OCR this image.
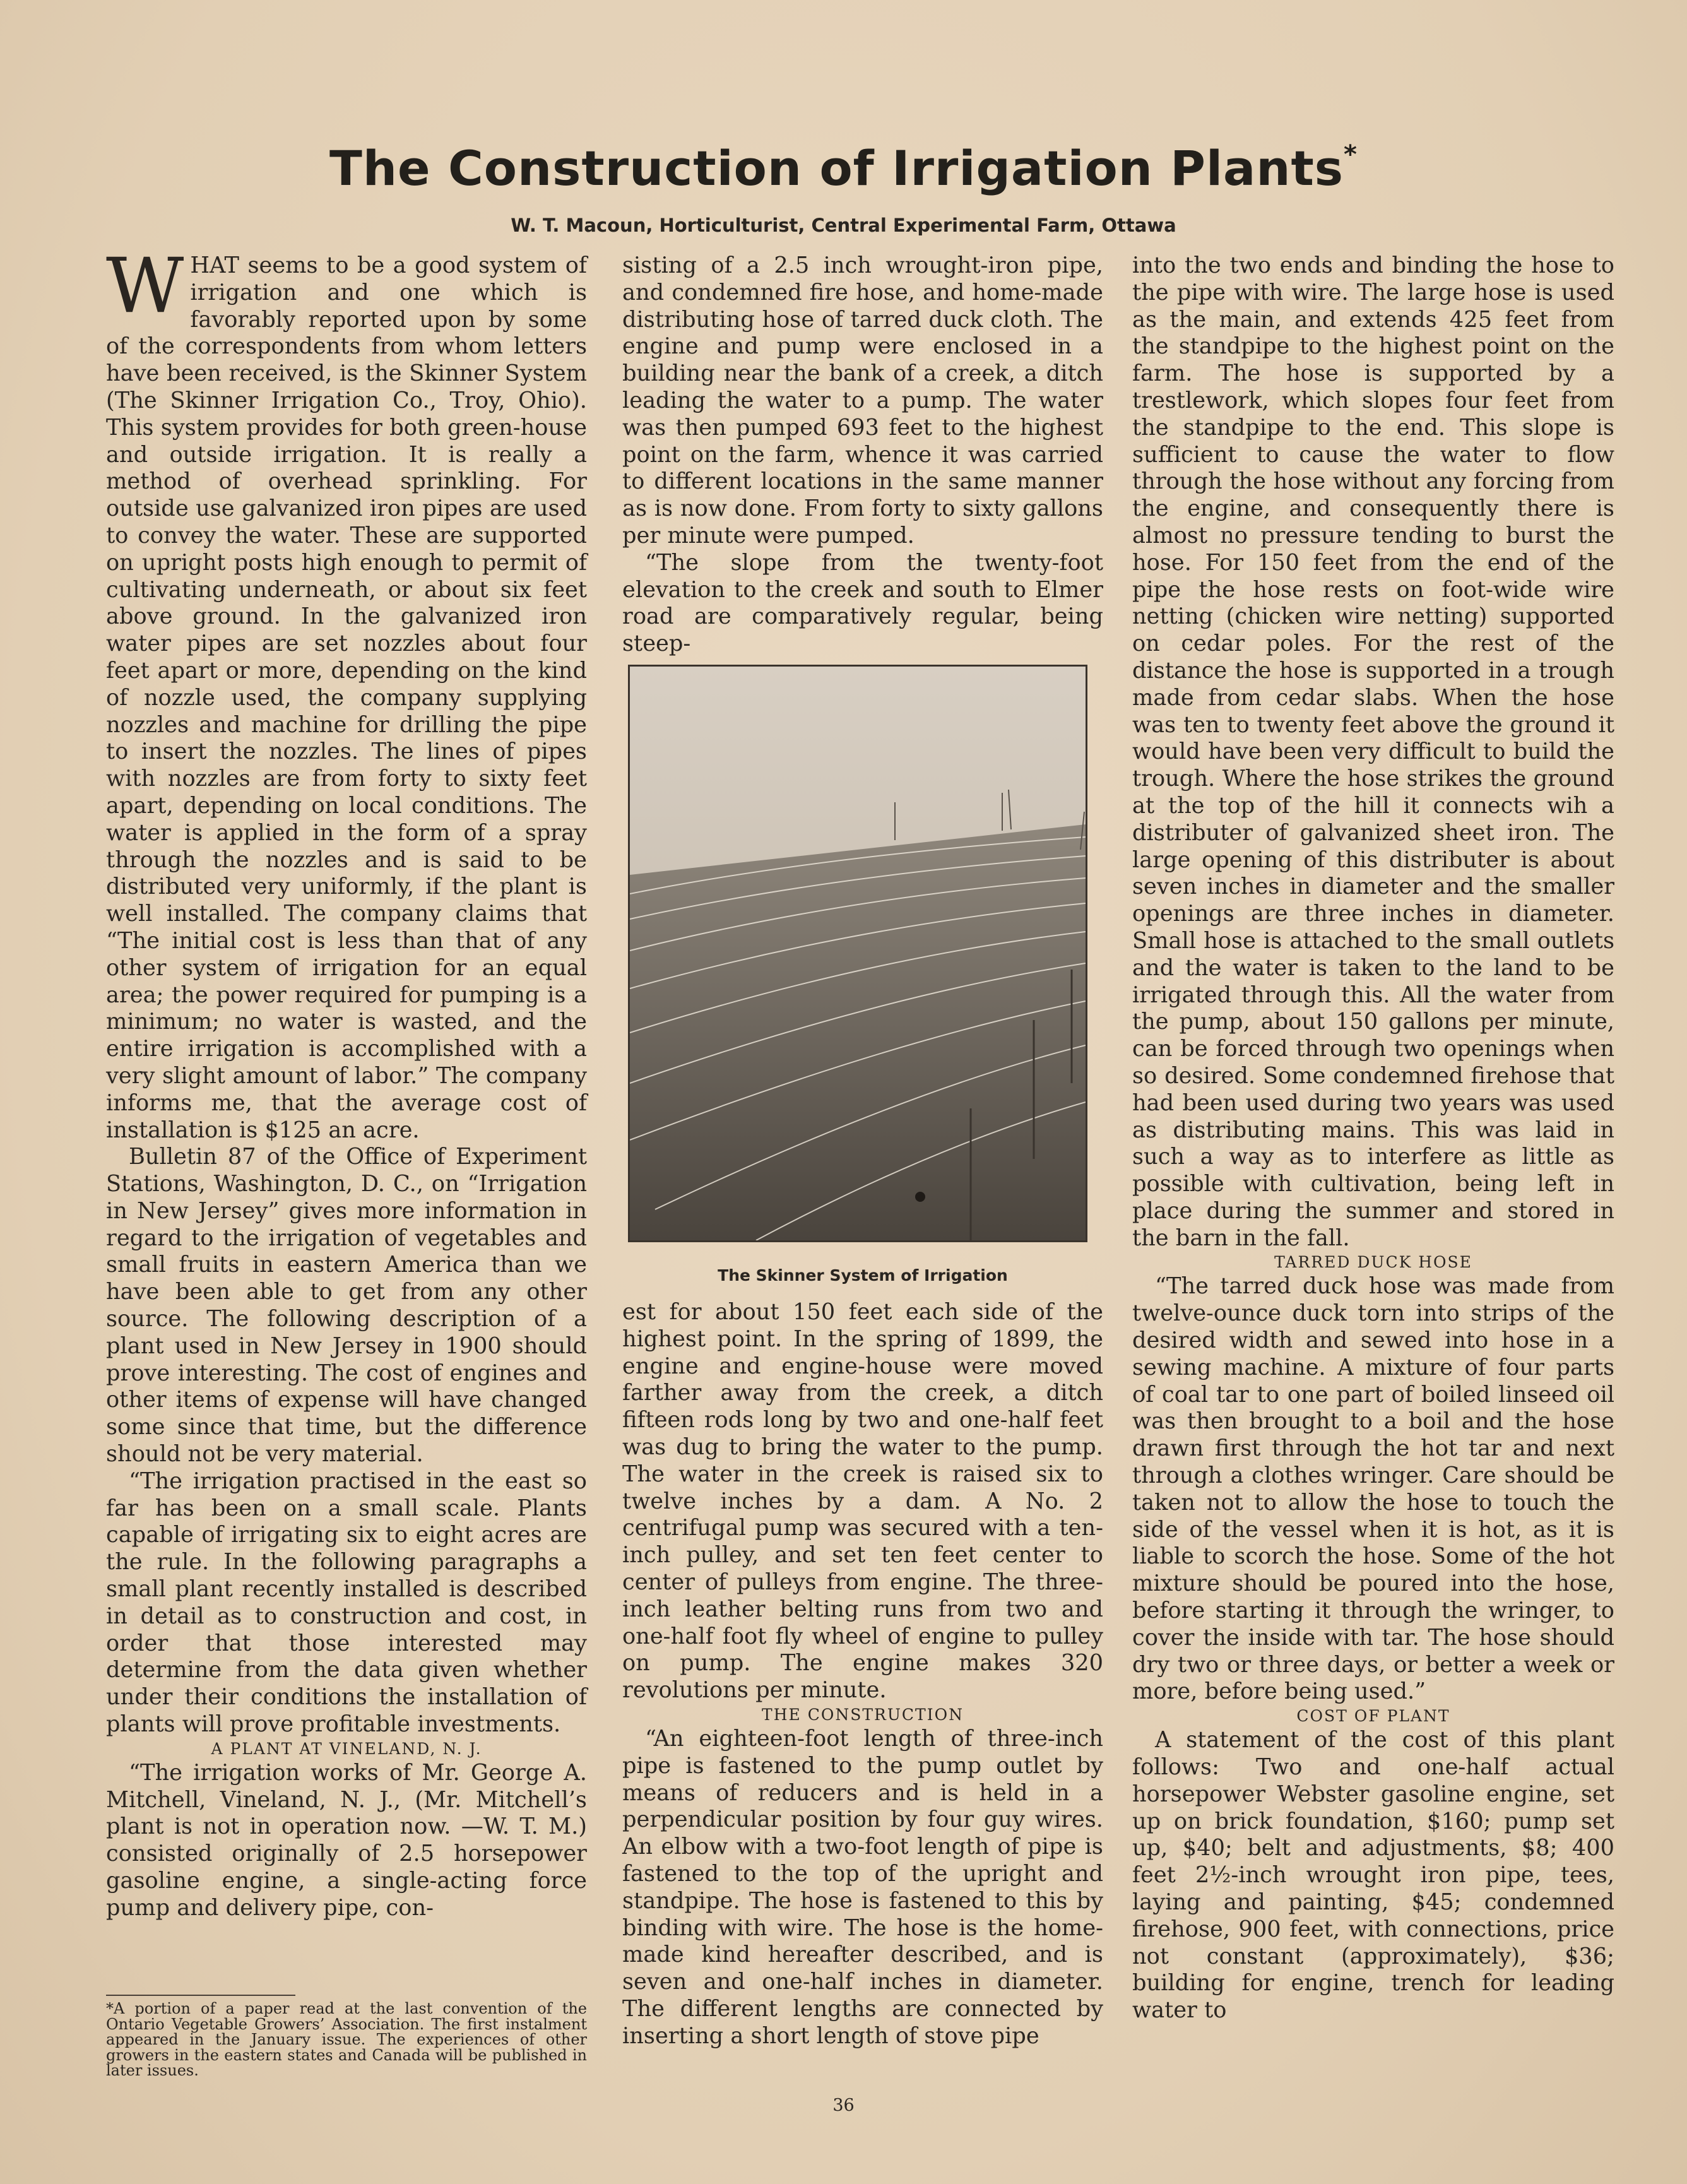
The Construction of Irrigation Plants*
W. T. Macoun, Horticulturist, Central Experimental Farm, Ottawa

WHAT seems to be a good system of irrigation and one which is favorably reported upon by some of the correspondents from whom letters have been received, is the Skinner System (The Skinner Irrigation Co., Troy, Ohio). This system provides for both green-house and outside irrigation. It is really a method of overhead sprinkling. For outside use galvanized iron pipes are used to convey the water. These are supported on upright posts high enough to permit of cultivating underneath, or about six feet above ground. In the galvanized iron water pipes are set nozzles about four feet apart or more, depending on the kind of nozzle used, the company supplying nozzles and machine for drilling the pipe to insert the nozzles. The lines of pipes with nozzles are from forty to sixty feet apart, depending on local conditions. The water is applied in the form of a spray through the nozzles and is said to be distributed very uniformly, if the plant is well installed. The company claims that “The initial cost is less than that of any other system of irrigation for an equal area; the power required for pumping is a minimum; no water is wasted, and the entire irrigation is accomplished with a very slight amount of labor.” The company informs me, that the average cost of installation is $125 an acre.

Bulletin 87 of the Office of Experiment Stations, Washington, D. C., on “Irrigation in New Jersey” gives more information in regard to the irrigation of vegetables and small fruits in eastern America than we have been able to get from any other source. The following description of a plant used in New Jersey in 1900 should prove interesting. The cost of engines and other items of expense will have changed some since that time, but the difference should not be very material.

“The irrigation practised in the east so far has been on a small scale. Plants capable of irrigating six to eight acres are the rule. In the following paragraphs a small plant recently installed is described in detail as to construction and cost, in order that those interested may determine from the data given whether under their conditions the installation of plants will prove profitable investments.

A PLANT AT VINELAND, N. J.

“The irrigation works of Mr. George A. Mitchell, Vineland, N. J., (Mr. Mitchell’s plant is not in operation now. —W. T. M.) consisted originally of 2.5 horsepower gasoline engine, a single-acting force pump and delivery pipe, con-

*A portion of a paper read at the last convention of the Ontario Vegetable Growers’ Association. The first instalment appeared in the January issue. The experiences of other growers in the eastern states and Canada will be published in later issues.

sisting of a 2.5 inch wrought-iron pipe, and condemned fire hose, and home-made distributing hose of tarred duck cloth. The engine and pump were enclosed in a building near the bank of a creek, a ditch leading the water to a pump. The water was then pumped 693 feet to the highest point on the farm, whence it was carried to different locations in the same manner as is now done. From forty to sixty gallons per minute were pumped.

“The slope from the twenty-foot elevation to the creek and south to Elmer road are comparatively regular, being steep-

The Skinner System of Irrigation

est for about 150 feet each side of the highest point. In the spring of 1899, the engine and engine-house were moved farther away from the creek, a ditch fifteen rods long by two and one-half feet was dug to bring the water to the pump. The water in the creek is raised six to twelve inches by a dam. A No. 2 centrifugal pump was secured with a ten-inch pulley, and set ten feet center to center of pulleys from engine. The three-inch leather belting runs from two and one-half foot fly wheel of engine to pulley on pump. The engine makes 320 revolutions per minute.

THE CONSTRUCTION

“An eighteen-foot length of three-inch pipe is fastened to the pump outlet by means of reducers and is held in a perpendicular position by four guy wires. An elbow with a two-foot length of pipe is fastened to the top of the upright and standpipe. The hose is fastened to this by binding with wire. The hose is the home-made kind hereafter described, and is seven and one-half inches in diameter. The different lengths are connected by inserting a short length of stove pipe

into the two ends and binding the hose to the pipe with wire. The large hose is used as the main, and extends 425 feet from the standpipe to the highest point on the farm. The hose is supported by a trestlework, which slopes four feet from the standpipe to the end. This slope is sufficient to cause the water to flow through the hose without any forcing from the engine, and consequently there is almost no pressure tending to burst the hose. For 150 feet from the end of the pipe the hose rests on foot-wide wire netting (chicken wire netting) supported on cedar poles. For the rest of the distance the hose is supported in a trough made from cedar slabs. When the hose was ten to twenty feet above the ground it would have been very difficult to build the trough. Where the hose strikes the ground at the top of the hill it connects wih a distributer of galvanized sheet iron. The large opening of this distributer is about seven inches in diameter and the smaller openings are three inches in diameter. Small hose is attached to the small outlets and the water is taken to the land to be irrigated through this. All the water from the pump, about 150 gallons per minute, can be forced through two openings when so desired. Some condemned firehose that had been used during two years was used as distributing mains. This was laid in such a way as to interfere as little as possible with cultivation, being left in place during the summer and stored in the barn in the fall.

TARRED DUCK HOSE

“The tarred duck hose was made from twelve-ounce duck torn into strips of the desired width and sewed into hose in a sewing machine. A mixture of four parts of coal tar to one part of boiled linseed oil was then brought to a boil and the hose drawn first through the hot tar and next through a clothes wringer. Care should be taken not to allow the hose to touch the side of the vessel when it is hot, as it is liable to scorch the hose. Some of the hot mixture should be poured into the hose, before starting it through the wringer, to cover the inside with tar. The hose should dry two or three days, or better a week or more, before being used.”

COST OF PLANT

A statement of the cost of this plant follows: Two and one-half actual horsepower Webster gasoline engine, set up on brick foundation, $160; pump set up, $40; belt and adjustments, $8; 400 feet 2½-inch wrought iron pipe, tees, laying and painting, $45; condemned firehose, 900 feet, with connections, price not constant (approximately), $36; building for engine, trench for leading water to

36
